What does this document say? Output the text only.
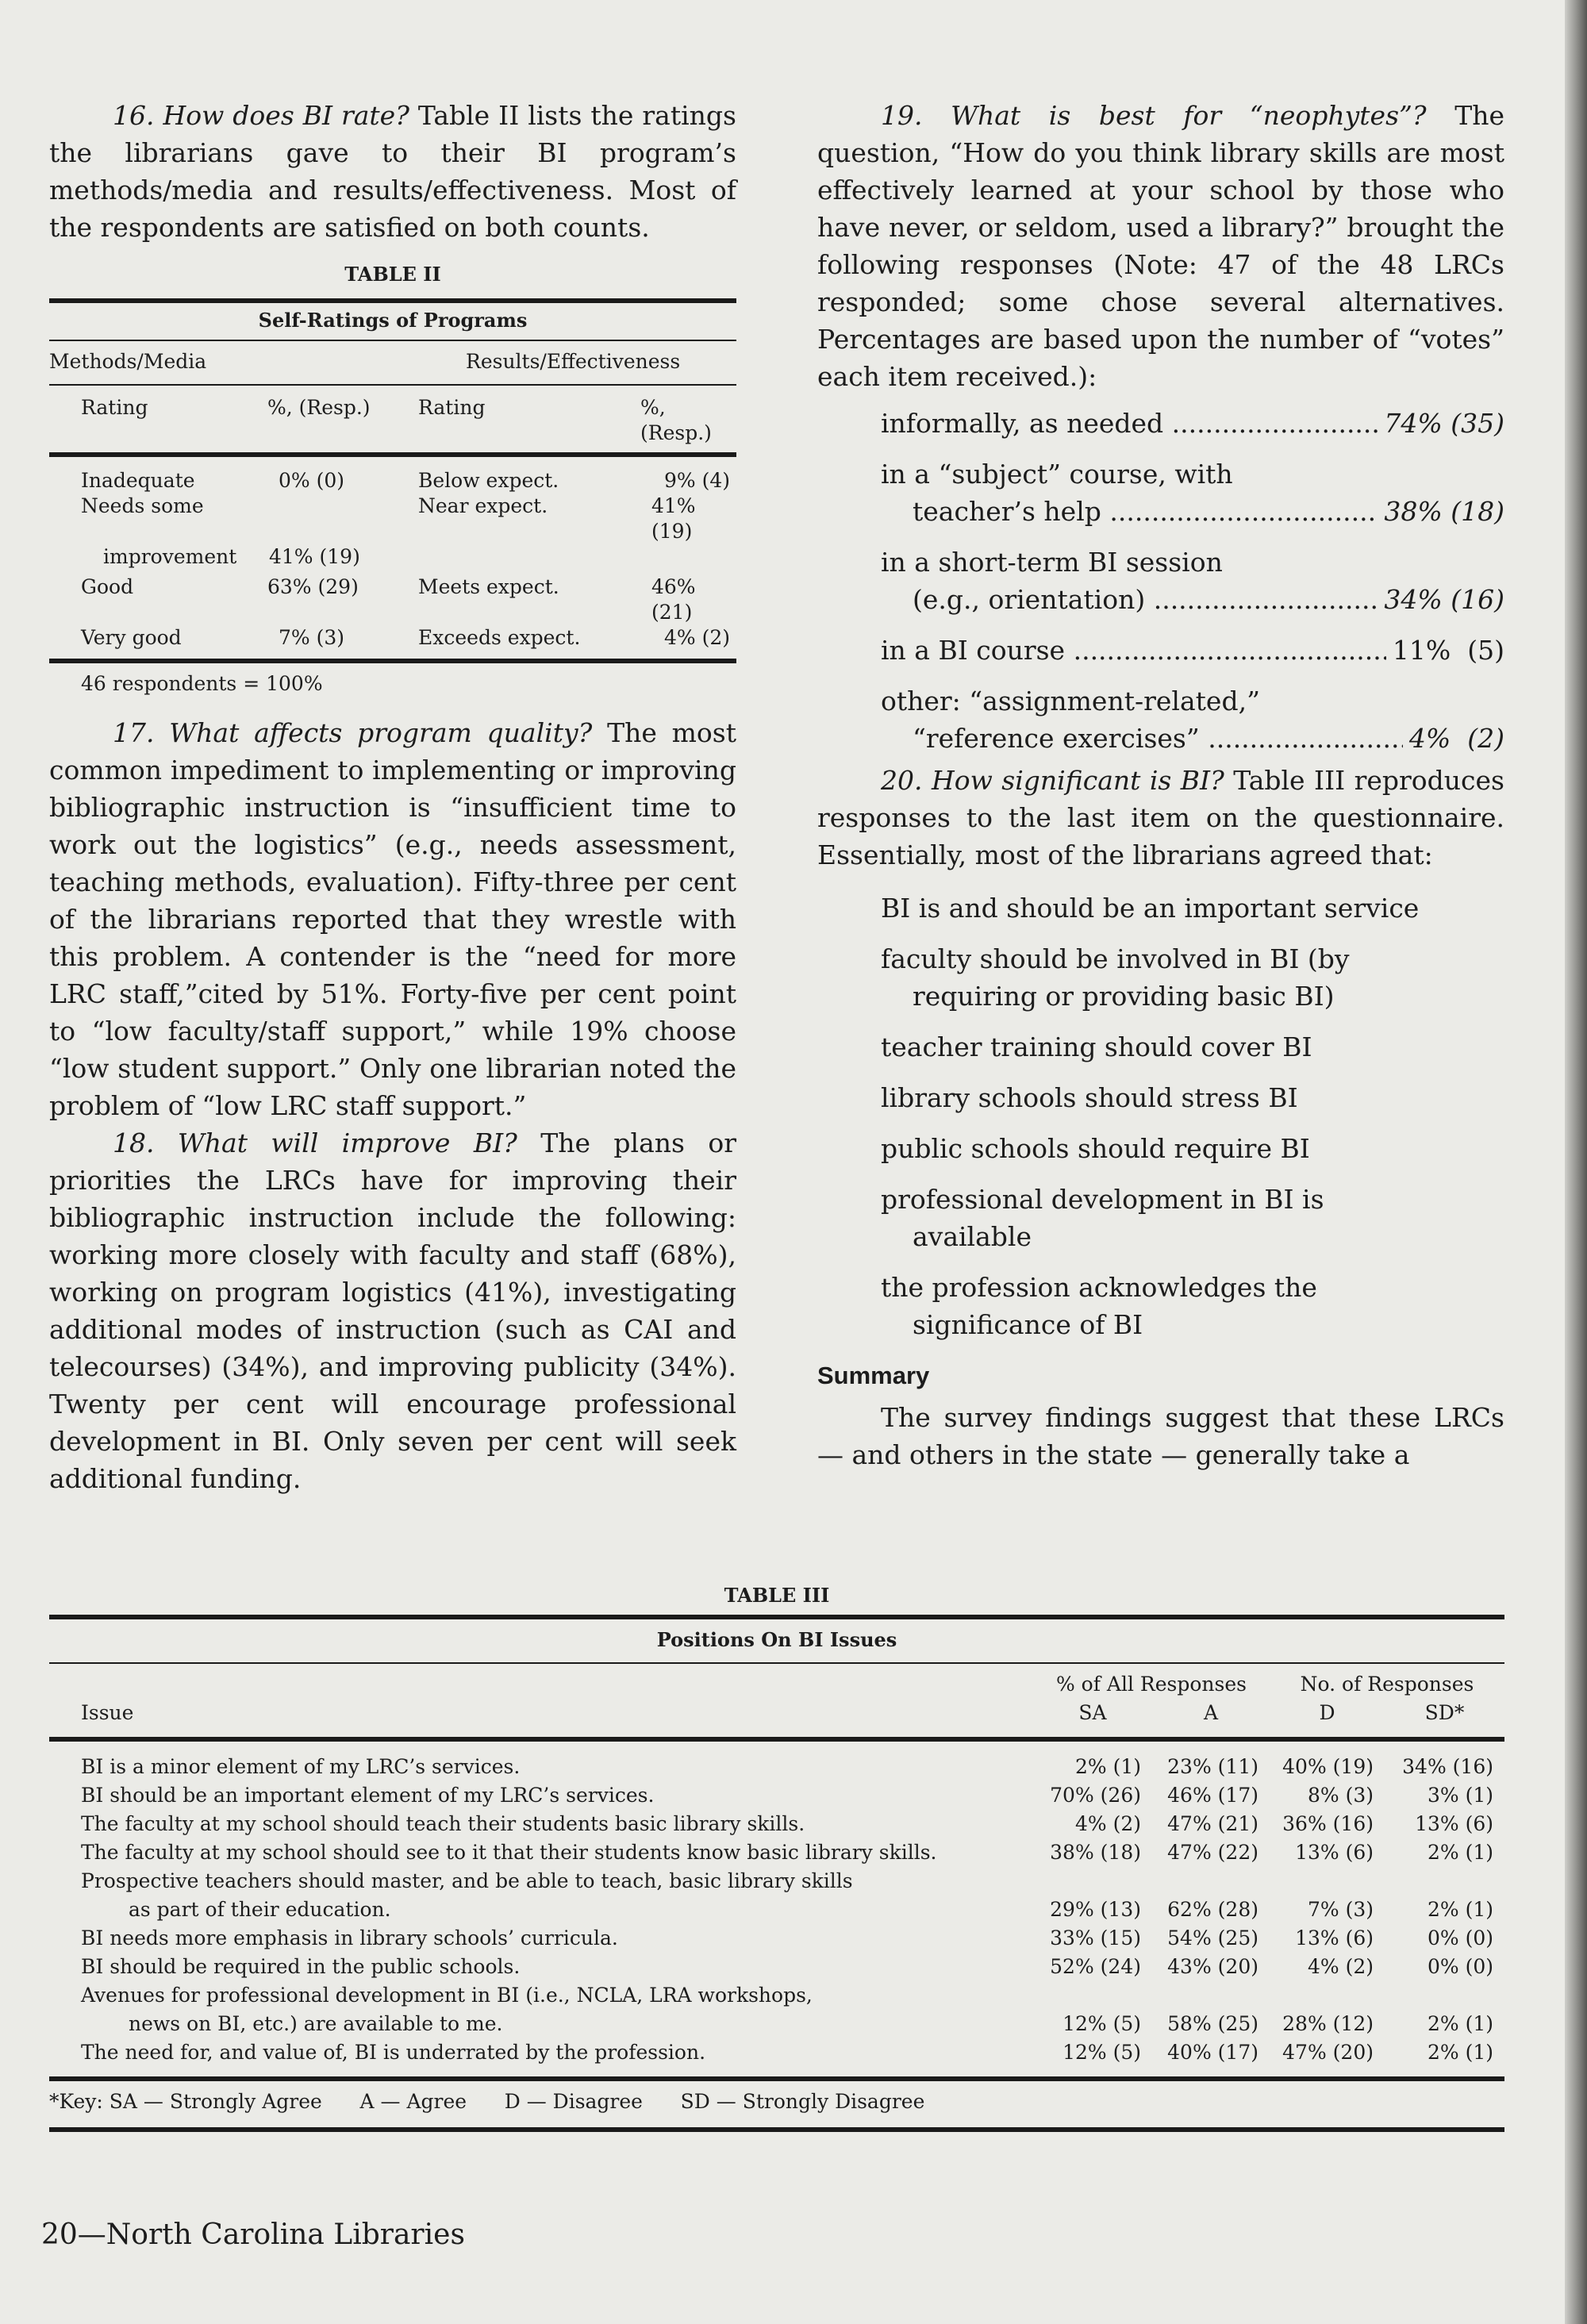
16. How does BI rate? Table II lists the ratings the librarians gave to their BI program’s methods/media and results/effectiveness. Most of the respondents are satisfied on both counts.

TABLE II
Self-Ratings of Programs
Methods/Media		Results/Effectiveness	

Rating	%, (Resp.)	Rating	%, (Resp.)

Inadequate	0% (0)	Below expect.	9% (4)
Needs some		Near expect.	41% (19)
improvement	41% (19)		
Good	63% (29)	Meets expect.	46% (21)
Very good	7% (3)	Exceeds expect.	4% (2)
46 respondents = 100%

17. What affects program quality? The most common impediment to implementing or improving bibliographic instruction is “insufficient time to work out the logistics” (e.g., needs assessment, teaching methods, evaluation). Fifty-three per cent of the librarians reported that they wrestle with this problem. A contender is the “need for more LRC staff,”cited by 51%. Forty-five per cent point to “low faculty/staff support,” while 19% choose “low student support.” Only one librarian noted the problem of “low LRC staff support.”

18. What will improve BI? The plans or priorities the LRCs have for improving their bibliographic instruction include the following: working more closely with faculty and staff (68%), working on program logistics (41%), investigating additional modes of instruction (such as CAI and telecourses) (34%), and improving publicity (34%). Twenty per cent will encourage professional development in BI. Only seven per cent will seek additional funding.

19. What is best for “neophytes”? The question, “How do you think library skills are most effectively learned at your school by those who have never, or seldom, used a library?” brought the following responses (Note: 47 of the 48 LRCs responded; some chose several alternatives. Percentages are based upon the number of “votes” each item received.):

informally, as needed .....	74% (35)
in a “subject” course, with
teacher’s help .....	38% (18)
in a short-term BI session
(e.g., orientation) .....	34% (16)
in a BI course .....	11%  (5)
other: “assignment-related,”
“reference exercises” .....	4%  (2)

20. How significant is BI? Table III reproduces responses to the last item on the questionnaire. Essentially, most of the librarians agreed that:

BI is and should be an important service
faculty should be involved in BI (by
requiring or providing basic BI)
teacher training should cover BI
library schools should stress BI
public schools should require BI
professional development in BI is
available
the profession acknowledges the
significance of BI
Summary

The survey findings suggest that these LRCs — and others in the state — generally take a

TABLE III
Positions On BI Issues
Issue	% of All Responses		No. of Responses	
	SA	A	D	SD*

BI is a minor element of my LRC’s services.	2% (1)	23% (11)	40% (19)	34% (16)
BI should be an important element of my LRC’s services.	70% (26)	46% (17)	8% (3)	3% (1)
The faculty at my school should teach their students basic library skills.	4% (2)	47% (21)	36% (16)	13% (6)
The faculty at my school should see to it that their students know basic library skills.	38% (18)	47% (22)	13% (6)	2% (1)
Prospective teachers should master, and be able to teach, basic library skills				
as part of their education.	29% (13)	62% (28)	7% (3)	2% (1)
BI needs more emphasis in library schools’ curricula.	33% (15)	54% (25)	13% (6)	0% (0)
BI should be required in the public schools.	52% (24)	43% (20)	4% (2)	0% (0)
Avenues for professional development in BI (i.e., NCLA, LRA workshops,				
news on BI, etc.) are available to me.	12% (5)	58% (25)	28% (12)	2% (1)
The need for, and value of, BI is underrated by the profession.	12% (5)	40% (17)	47% (20)	2% (1)

*Key: SA — Strongly Agree      A — Agree      D — Disagree      SD — Strongly Disagree				
20—North Carolina Libraries
